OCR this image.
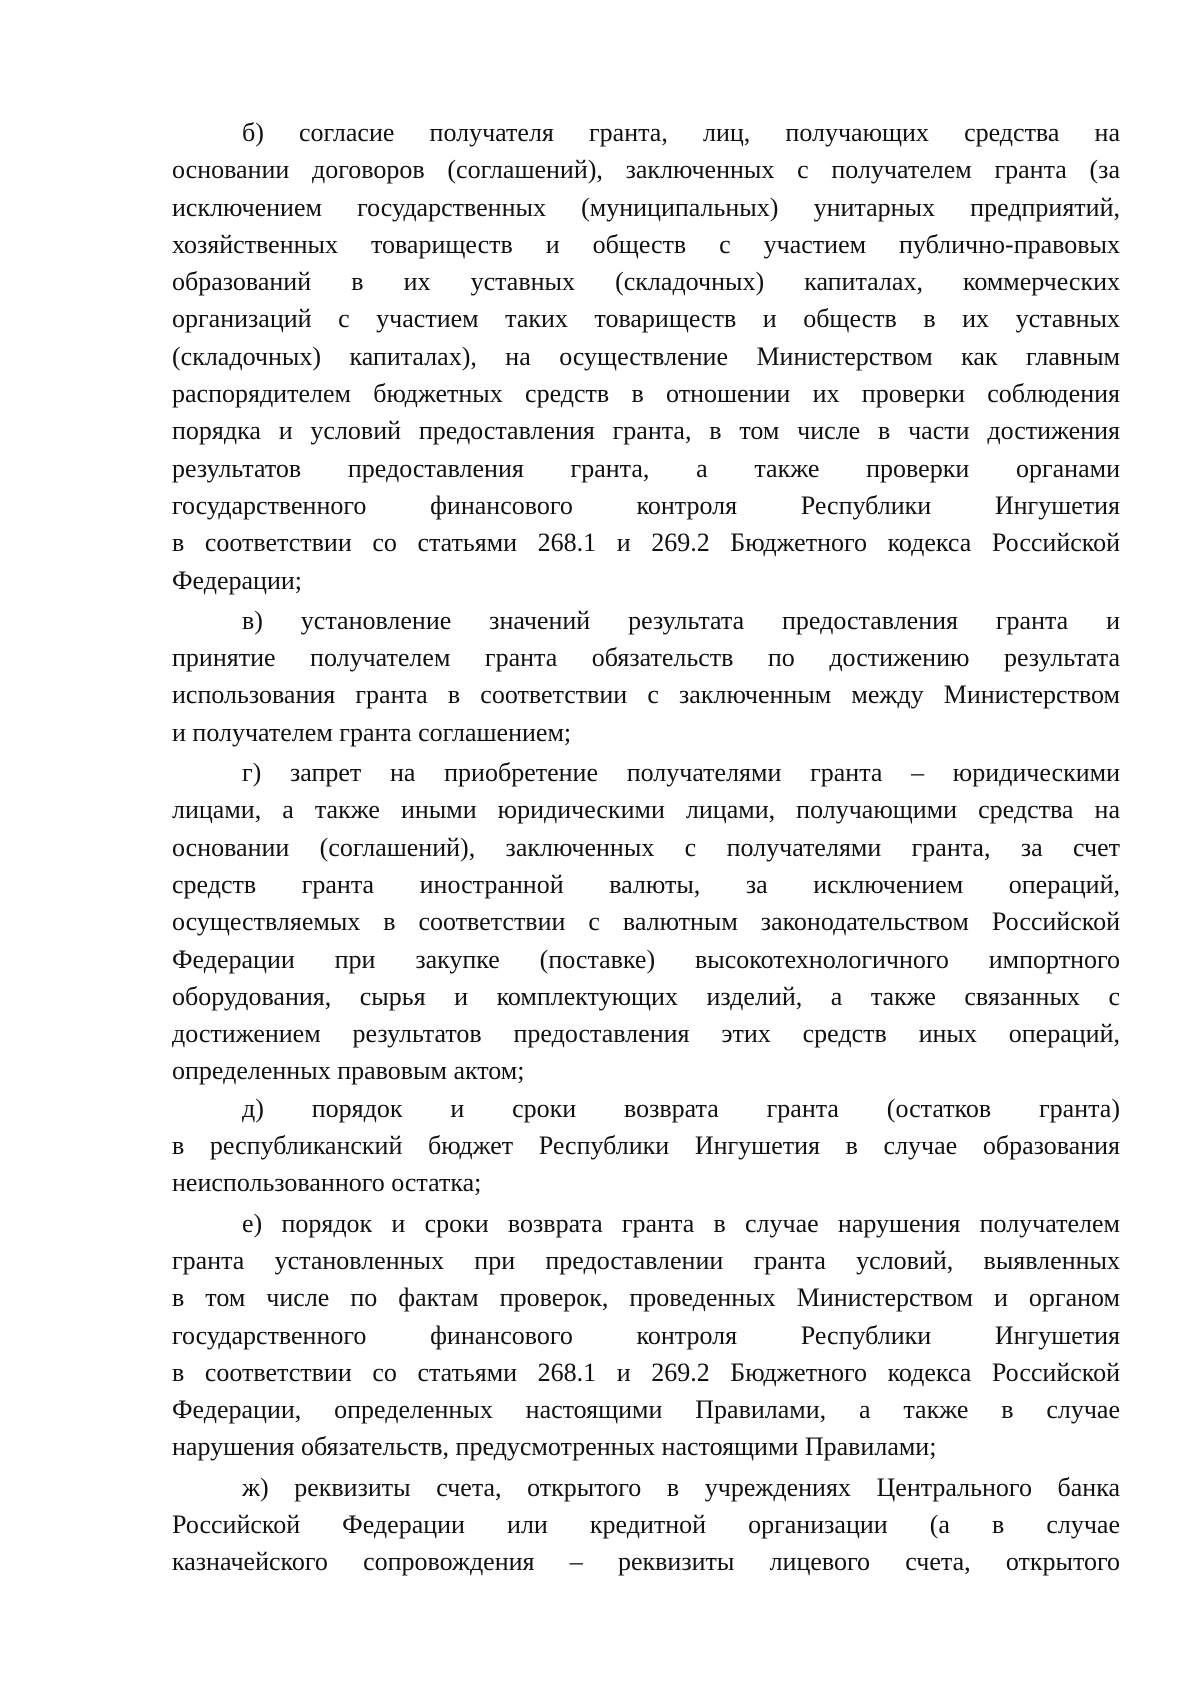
б) согласие получателя гранта, лиц, получающих средства на
основании договоров (соглашений), заключенных с получателем гранта (за
исключением государственных (муниципальных) унитарных предприятий,
хозяйственных товариществ и обществ с участием публично-правовых
образований в их уставных (складочных) капиталах, коммерческих
организаций с участием таких товариществ и обществ в их уставных
(складочных) капиталах), на осуществление Министерством как главным
распорядителем бюджетных средств в отношении их проверки соблюдения
порядка и условий предоставления гранта, в том числе в части достижения
результатов предоставления гранта, а также проверки органами
государственного финансового контроля Республики Ингушетия
в соответствии со статьями 268.1 и 269.2 Бюджетного кодекса Российской
Федерации;
в) установление значений результата предоставления гранта и
принятие получателем гранта обязательств по достижению результата
использования гранта в соответствии с заключенным между Министерством
и получателем гранта соглашением;
г) запрет на приобретение получателями гранта – юридическими
лицами, а также иными юридическими лицами, получающими средства на
основании (соглашений), заключенных с получателями гранта, за счет
средств гранта иностранной валюты, за исключением операций,
осуществляемых в соответствии с валютным законодательством Российской
Федерации при закупке (поставке) высокотехнологичного импортного
оборудования, сырья и комплектующих изделий, а также связанных с
достижением результатов предоставления этих средств иных операций,
определенных правовым актом;
д) порядок и сроки возврата гранта (остатков гранта)
в республиканский бюджет Республики Ингушетия в случае образования
неиспользованного остатка;
е) порядок и сроки возврата гранта в случае нарушения получателем
гранта установленных при предоставлении гранта условий, выявленных
в том числе по фактам проверок, проведенных Министерством и органом
государственного финансового контроля Республики Ингушетия
в соответствии со статьями 268.1 и 269.2 Бюджетного кодекса Российской
Федерации, определенных настоящими Правилами, а также в случае
нарушения обязательств, предусмотренных настоящими Правилами;
ж) реквизиты счета, открытого в учреждениях Центрального банка
Российской Федерации или кредитной организации (а в случае
казначейского сопровождения – реквизиты лицевого счета, открытого
